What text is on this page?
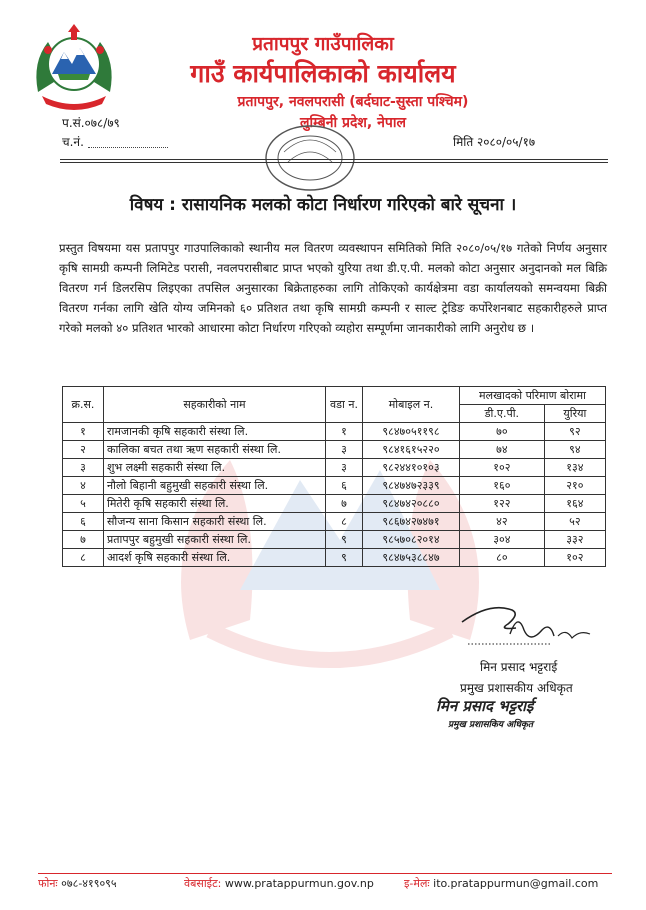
प्रतापपुर गाउँपालिका
गाउँ कार्यपालिकाको कार्यालय
प्रतापपुर, नवलपरासी (बर्दघाट-सुस्ता पश्चिम)
लुम्बिनी प्रदेश, नेपाल
प.सं.०७८/७९
च.नं.	मिति २०८०/०५/१७
विषय : रासायनिक मलको कोटा निर्धारण गरिएको बारे सूचना ।
प्रस्तुत विषयमा यस प्रतापपुर गाउपालिकाको स्थानीय मल वितरण व्यवस्थापन समितिको मिति २०८०/०५/१७ गतेको निर्णय अनुसार कृषि सामग्री कम्पनी लिमिटेड परासी, नवलपरासीबाट प्राप्त भएको युरिया तथा डी.ए.पी. मलको कोटा अनुसार अनुदानको मल बिक्रि वितरण गर्न डिलरसिप लिइएका तपसिल अनुसारका बिक्रेताहरुका लागि तोकिएको कार्यक्षेत्रमा वडा कार्यालयको समन्वयमा बिक्री वितरण गर्नका लागि खेति योग्य जमिनको ६० प्रतिशत तथा कृषि सामग्री कम्पनी र साल्ट ट्रेडिङ कर्पोरेशनबाट सहकारीहरुले प्राप्त गरेको मलको ४० प्रतिशत भारको आधारमा कोटा निर्धारण गरिएको व्यहोरा सम्पूर्णमा जानकारीको लागि अनुरोध छ ।
क्र.स.	सहकारीको नाम	वडा न.	मोबाइल न.	मलखादको परिमाण बोरामा	
				डी.ए.पी.	युरिया
१	रामजानकी कृषि सहकारी संस्था लि.	१	९८४७०५११९८	७०	९२
२	कालिका बचत तथा ऋण सहकारी संस्था लि.	३	९८४१६१५२२०	७४	९४
३	शुभ लक्ष्मी सहकारी संस्था लि.	३	९८२४४१०१०३	१०२	१३४
४	नौलो बिहानी बहुमुखी सहकारी संस्था लि.	६	९८४७४७२३३९	१६०	२१०
५	मितेरी कृषि सहकारी संस्था लि.	७	९८४७४२०८८०	१२२	१६४
६	सौजन्य साना किसान सहकारी संस्था लि.	८	९८६७४२७४७१	४२	५२
७	प्रतापपुर बहुमुखी सहकारी संस्था लि.	९	९८५७०८२०१४	३०४	३३२
८	आदर्श कृषि सहकारी संस्था लि.	९	९८४७५३८८४७	८०	१०२
मिन प्रसाद भट्टराई
प्रमुख प्रशासकीय अधिकृत
मिन प्रसाद भट्टराई
प्रमुख प्रशासकिय अधिकृत
फोनः ०७८-४१९०९५	वेबसाईट: www.pratappurmun.gov.np	इ-मेलः ito.pratappurmun@gmail.com
